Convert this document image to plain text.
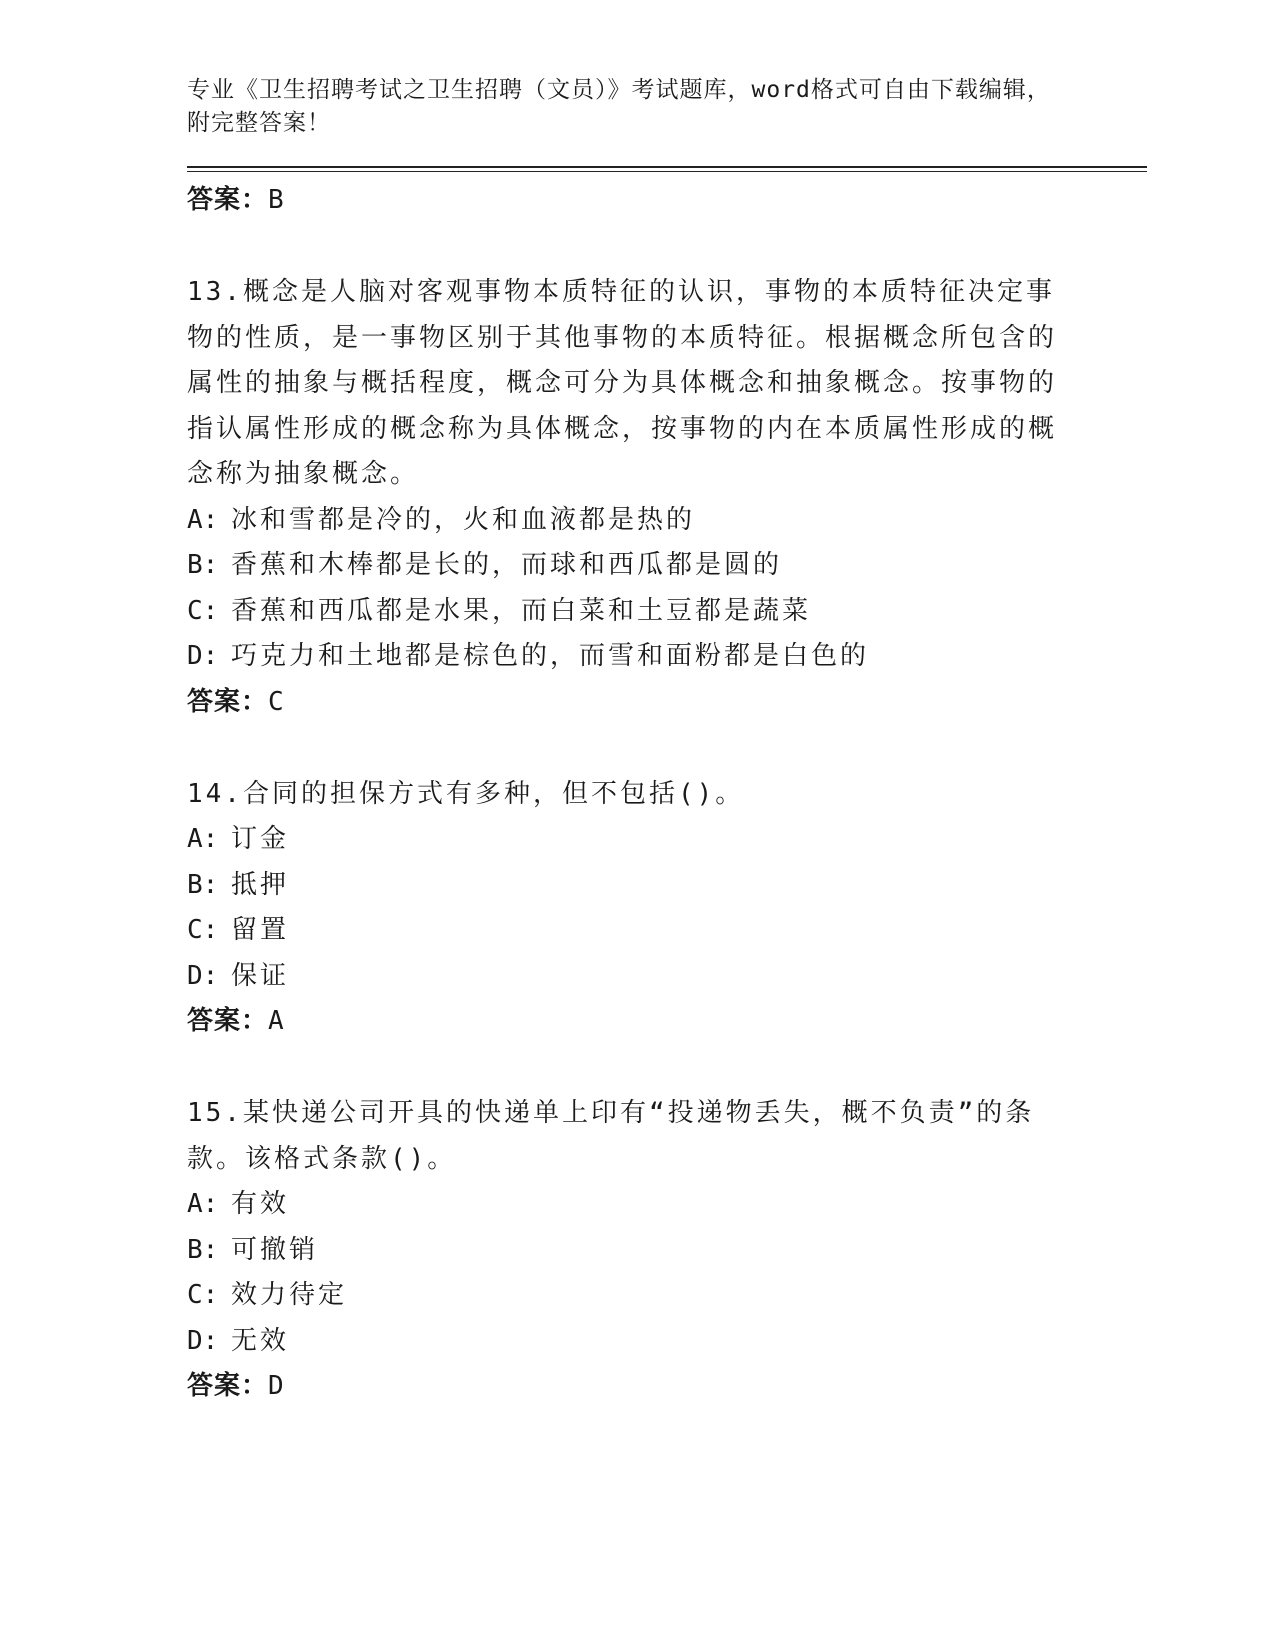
专业《卫生招聘考试之卫生招聘（文员）》考试题库，word格式可自由下载编辑，附完整答案！
答案：B
13.概念是人脑对客观事物本质特征的认识，事物的本质特征决定事物的性质，是一事物区别于其他事物的本质特征。根据概念所包含的属性的抽象与概括程度，概念可分为具体概念和抽象概念。按事物的指认属性形成的概念称为具体概念，按事物的内在本质属性形成的概念称为抽象概念。
A: 冰和雪都是冷的，火和血液都是热的
B: 香蕉和木棒都是长的，而球和西瓜都是圆的
C: 香蕉和西瓜都是水果，而白菜和土豆都是蔬菜
D: 巧克力和土地都是棕色的，而雪和面粉都是白色的
答案：C
14.合同的担保方式有多种，但不包括()。
A: 订金
B: 抵押
C: 留置
D: 保证
答案：A
15.某快递公司开具的快递单上印有“投递物丢失，概不负责”的条款。该格式条款()。
A: 有效
B: 可撤销
C: 效力待定
D: 无效
答案：D
